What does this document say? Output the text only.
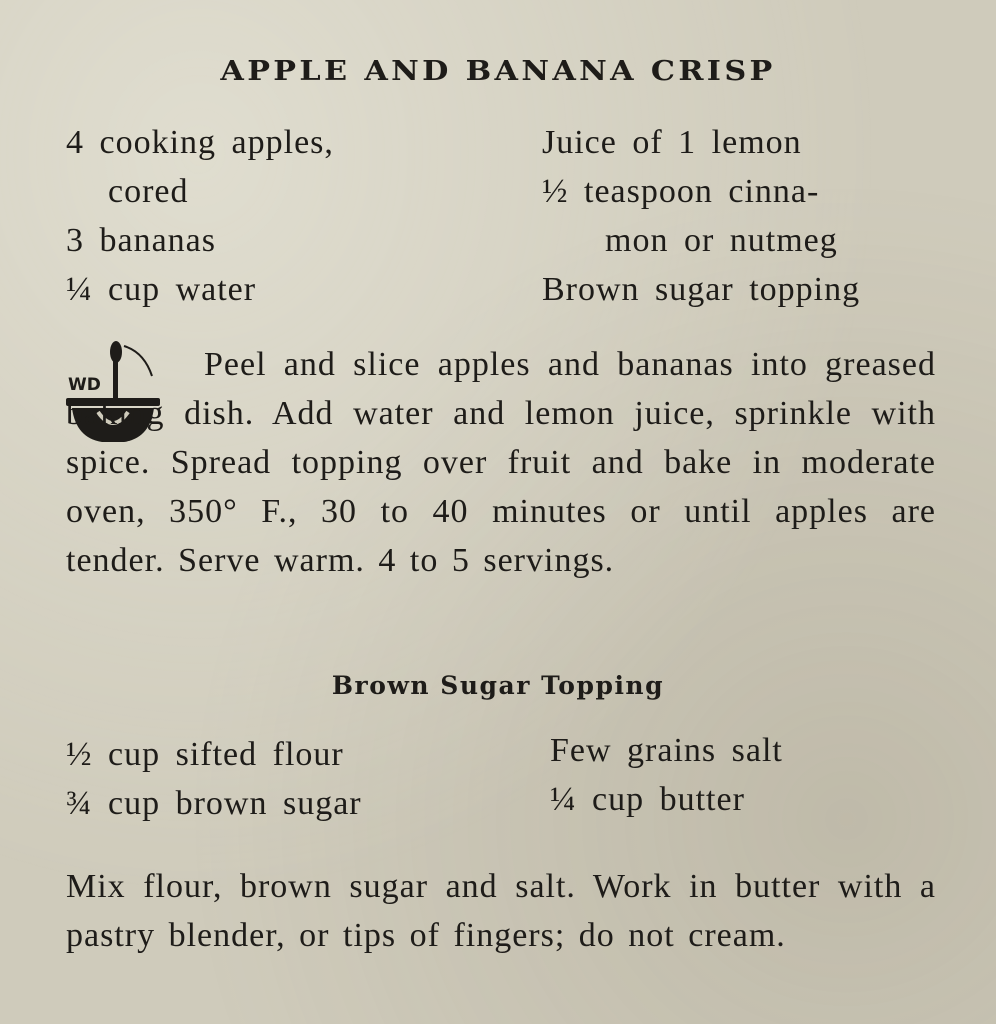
APPLE AND BANANA CRISP
4 cooking apples,
cored
3 bananas
¼ cup water
Juice of 1 lemon
½ teaspoon cinna-
mon or nutmeg
Brown sugar topping
WD
Peel and slice apples and bananas into greased baking dish. Add water and lemon juice, sprinkle with spice. Spread topping over fruit and bake in moderate oven, 350° F., 30 to 40 minutes or until apples are tender. Serve warm. 4 to 5 servings.
Brown Sugar Topping
½ cup sifted flour
¾ cup brown sugar
Few grains salt
¼ cup butter
Mix flour, brown sugar and salt. Work in butter with a pastry blender, or tips of fingers; do not cream.
